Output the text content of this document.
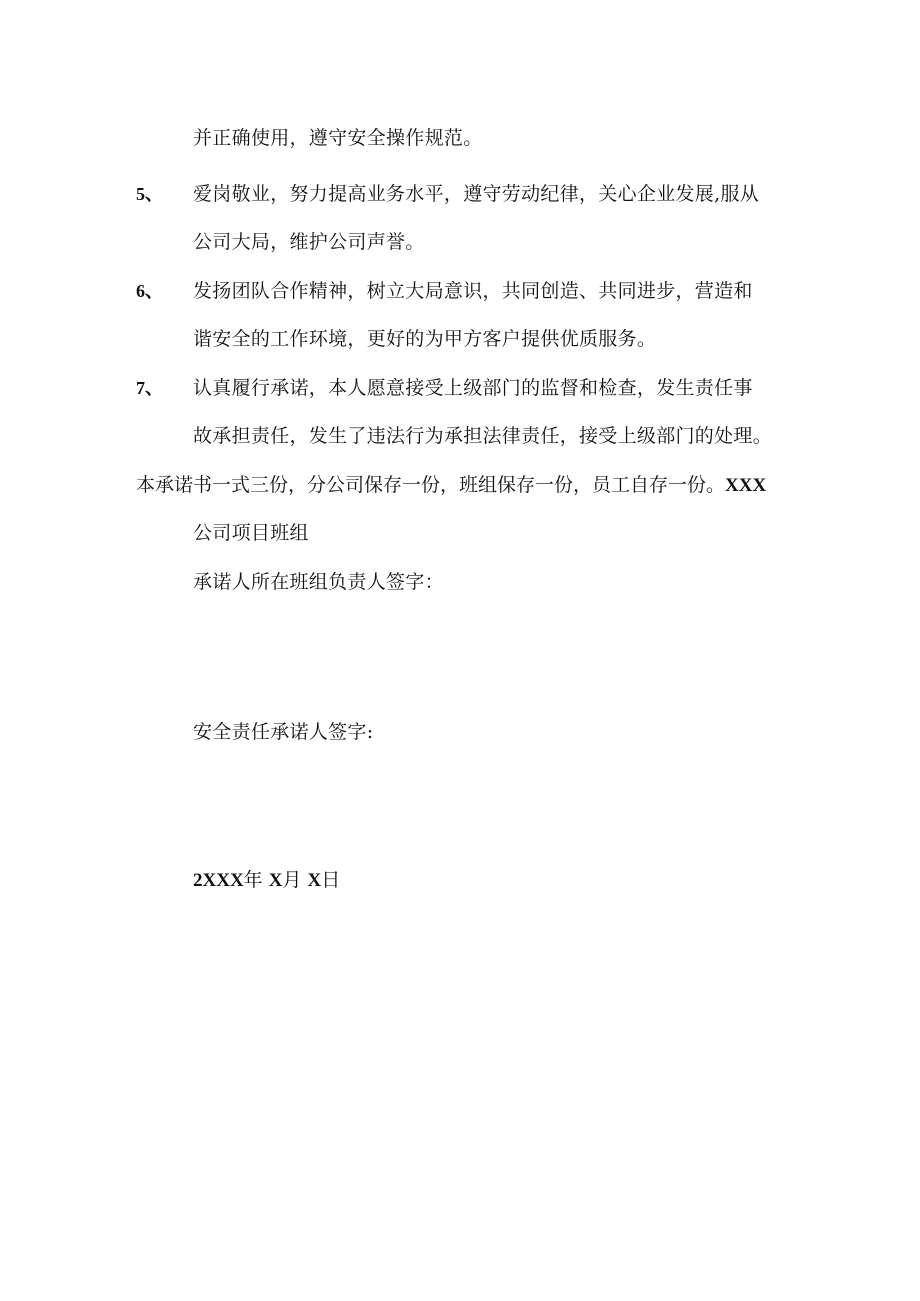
并正确使用，遵守安全操作规范。
5、 爱岗敬业，努力提高业务水平，遵守劳动纪律，关心企业发展,服从
公司大局，维护公司声誉。
6、 发扬团队合作精神，树立大局意识，共同创造、共同进步，营造和
谐安全的工作环境，更好的为甲方客户提供优质服务。
7、 认真履行承诺，本人愿意接受上级部门的监督和检查，发生责任事
故承担责任，发生了违法行为承担法律责任，接受上级部门的处理。
本承诺书一式三份，分公司保存一份，班组保存一份，员工自存一份。XXX
公司项目班组
承诺人所在班组负责人签字：
安全责任承诺人签字:
2XXX年 X月 X日
